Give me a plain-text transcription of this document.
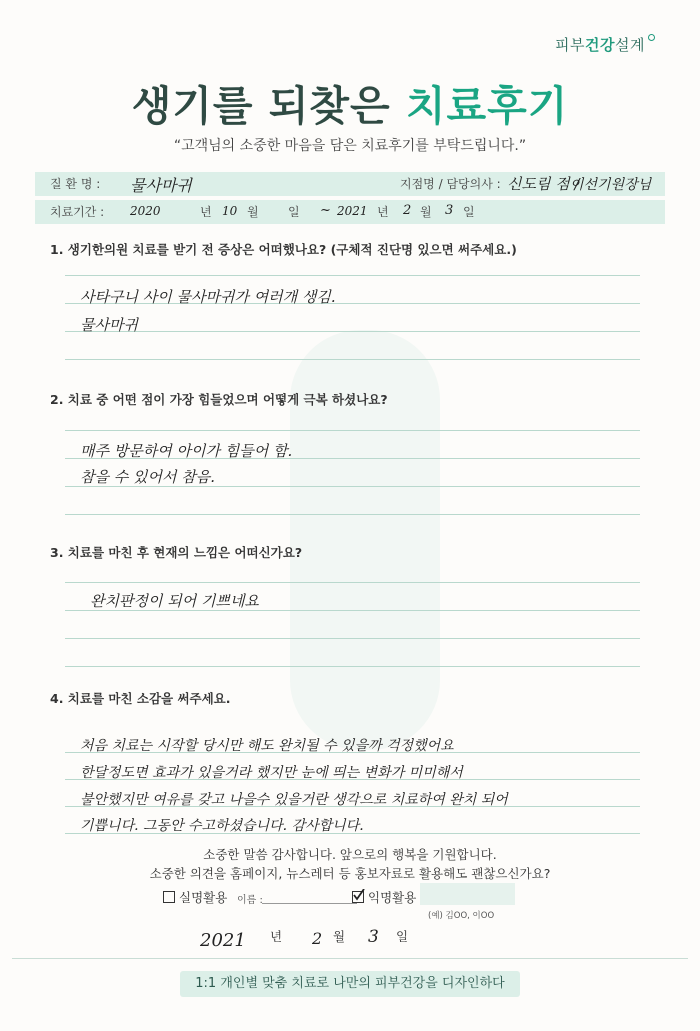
피부건강설계
생기를 되찾은 치료후기
“고객님의 소중한 마음을 담은 치료후기를 부탁드립니다.”
질 환 명 : 물사마귀	지점명 / 담당의사 : 신도림 점 /
이선기원장님
치료기간 : 2020	년 10 월 일 ~ 2021 년 2 월 3 일
1. 생기한의원 치료를 받기 전 증상은 어떠했나요? (구체적 진단명 있으면 써주세요.)
사타구니 사이 물사마귀가 여러개 생김.
물사마귀
2. 치료 중 어떤 점이 가장 힘들었으며 어떻게 극복 하셨나요?
매주 방문하여 아이가 힘들어 함.
참을 수 있어서 참음.
3. 치료를 마친 후 현재의 느낌은 어떠신가요?
완치판정이 되어 기쁘네요
4. 치료를 마친 소감을 써주세요.
처음 치료는 시작할 당시만 해도 완치될 수 있을까 걱정했어요
한달정도면 효과가 있을거라 했지만 눈에 띄는 변화가 미미해서
불안했지만 여유를 갖고 나을수 있을거란 생각으로 치료하여 완치 되어
기쁩니다. 그동안 수고하셨습니다. 감사합니다.
소중한 말씀 감사합니다. 앞으로의 행복을 기원합니다.
소중한 의견을 홈페이지, 뉴스레터 등 홍보자료로 활용해도 괜찮으신가요?
실명활용 이름 :	익명활용
(예) 김OO, 이OO
2021 년 2 월 3 일
1:1 개인별 맞춤 치료로 나만의 피부건강을 디자인하다
